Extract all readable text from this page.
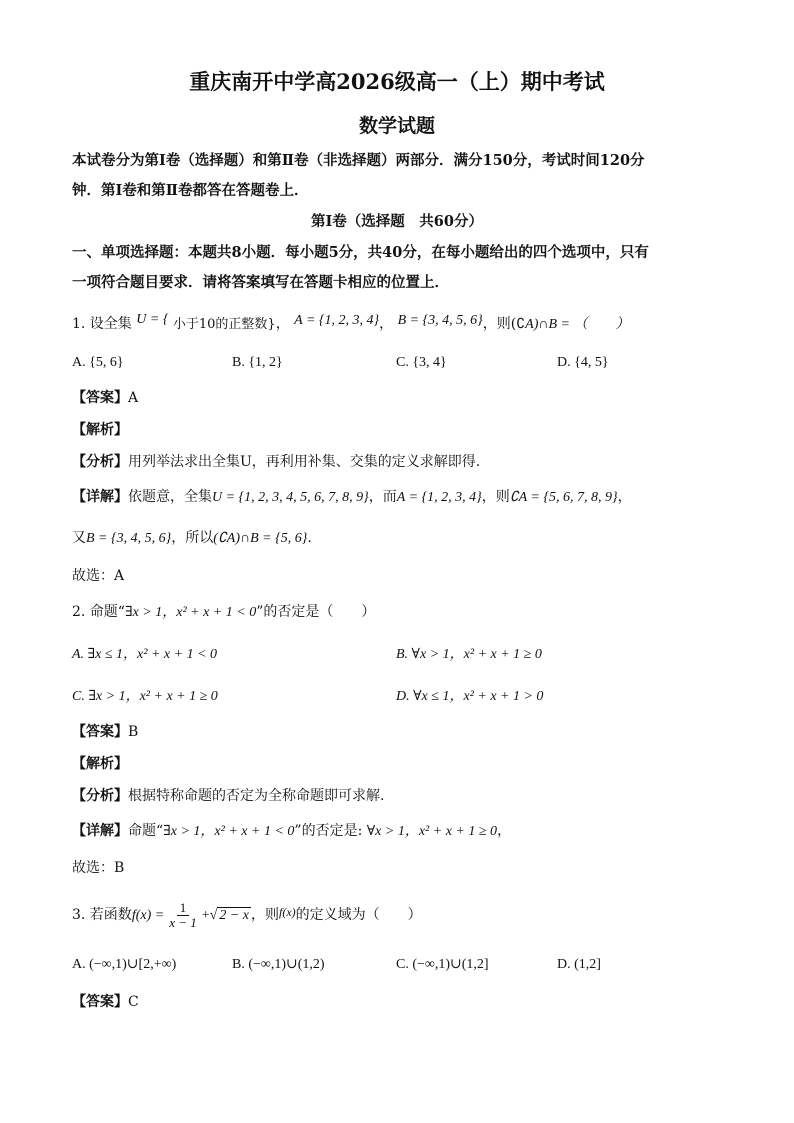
重庆南开中学高2026级高一（上）期中考试
数学试题
本试卷分为第Ⅰ卷（选择题）和第Ⅱ卷（非选择题）两部分．满分150分，考试时间120分
钟．第Ⅰ卷和第Ⅱ卷都答在答题卷上．
第Ⅰ卷（选择题　共60分）
一、单项选择题：本题共8小题．每小题5分，共40分，在每小题给出的四个选项中，只有
一项符合题目要求．请将答案填写在答题卡相应的位置上．
1. 设全集 U = { 小于10的正整数}， A = {1, 2, 3, 4}， B = {3, 4, 5, 6}，则(∁A)∩B = （　　）
A. {5, 6}	B. {1, 2}	C. {3, 4}	D. {4, 5}
【答案】A
【解析】
【分析】用列举法求出全集U，再利用补集、交集的定义求解即得.
【详解】依题意，全集U = {1, 2, 3, 4, 5, 6, 7, 8, 9}，而A = {1, 2, 3, 4}，则∁A = {5, 6, 7, 8, 9}，
又B = {3, 4, 5, 6}，所以(∁A)∩B = {5, 6}.
故选：A
2. 命题“∃x > 1，x² + x + 1 < 0”的否定是（　　）
A. ∃x ≤ 1，x² + x + 1 < 0	B. ∀x > 1，x² + x + 1 ≥ 0
C. ∃x > 1，x² + x + 1 ≥ 0	D. ∀x ≤ 1，x² + x + 1 > 0
【答案】B
【解析】
【分析】根据特称命题的否定为全称命题即可求解.
【详解】命题“∃x > 1，x² + x + 1 < 0”的否定是: ∀x > 1，x² + x + 1 ≥ 0，
故选：B
3. 若函数$f(x) = \frac{1}{x - 1}$ +√ 2 − x ，则f(x)的定义域为（　　）
A. (−∞,1)∪[2,+∞)	B. (−∞,1)∪(1,2)	C. (−∞,1)∪(1,2]	D. (1,2]
【答案】C
